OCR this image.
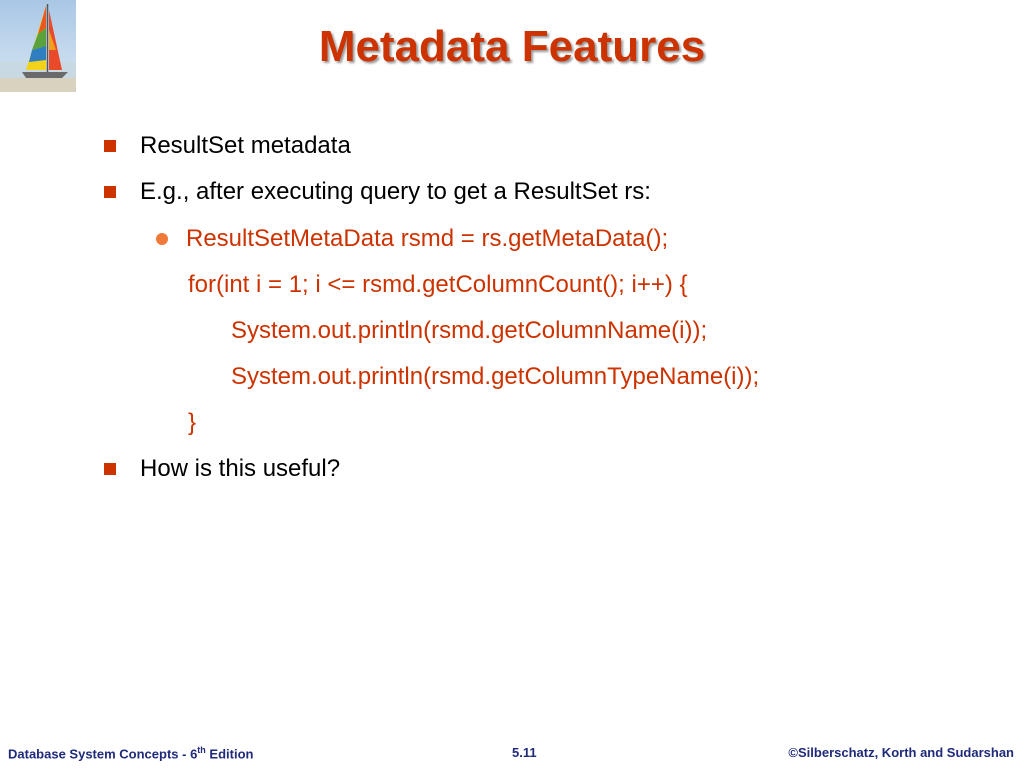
Metadata Features
ResultSet metadata
E.g., after executing query to get a ResultSet rs:
ResultSetMetaData rsmd = rs.getMetaData();
for(int i = 1; i <= rsmd.getColumnCount(); i++) {
System.out.println(rsmd.getColumnName(i));
System.out.println(rsmd.getColumnTypeName(i));
}
How is this useful?
Database System Concepts - 6th Edition	5.11	©Silberschatz, Korth and Sudarshan
